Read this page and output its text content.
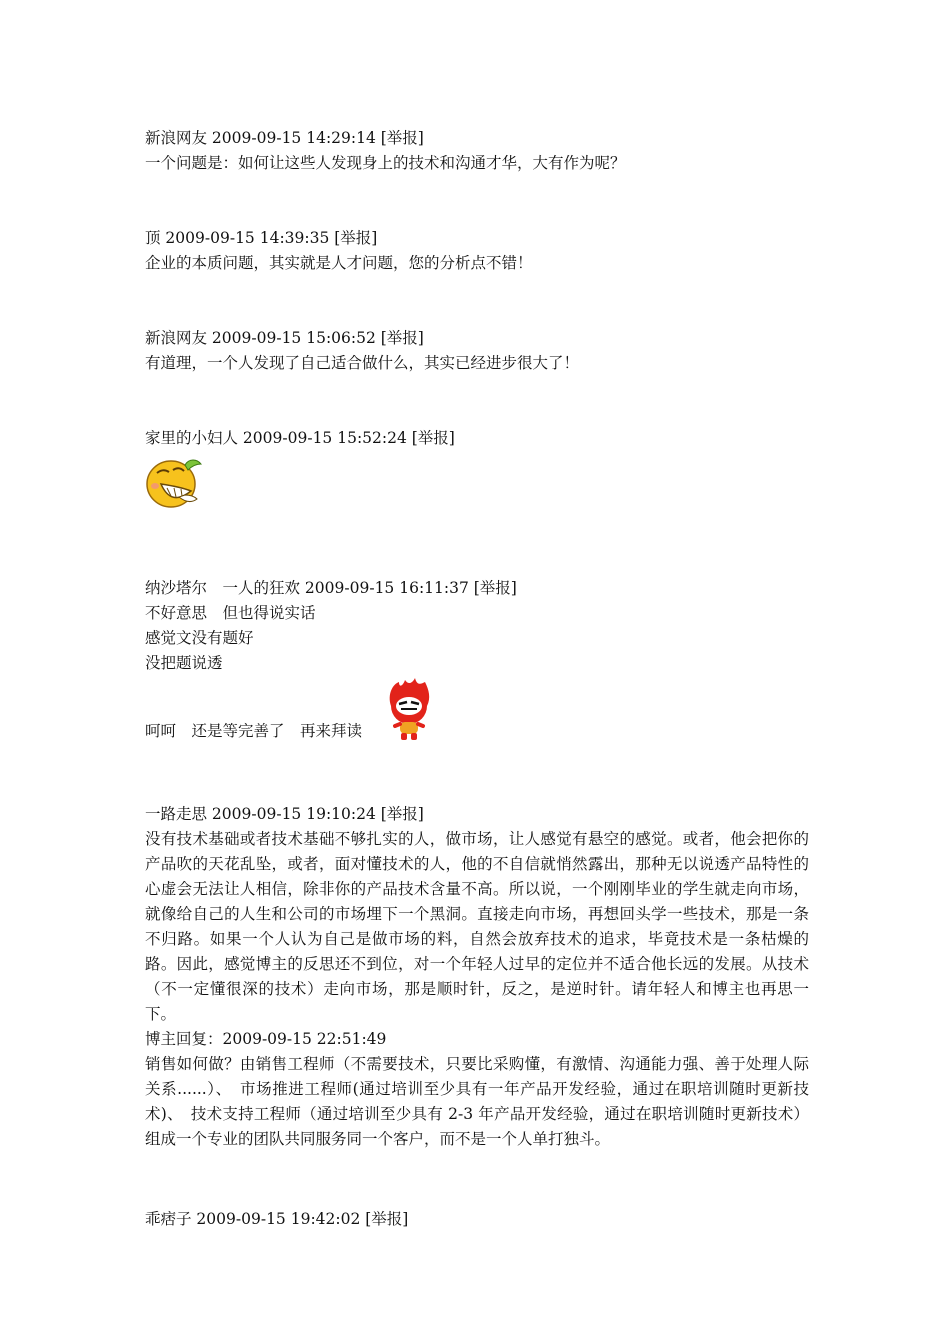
新浪网友 2009-09-15 14:29:14 [举报]
一个问题是：如何让这些人发现身上的技术和沟通才华，大有作为呢？
顶 2009-09-15 14:39:35 [举报]
企业的本质问题，其实就是人才问题，您的分析点不错！
新浪网友 2009-09-15 15:06:52 [举报]
有道理，一个人发现了自己适合做什么，其实已经进步很大了！
家里的小妇人 2009-09-15 15:52:24 [举报]
纳沙塔尔　一人的狂欢 2009-09-15 16:11:37 [举报]
不好意思　但也得说实话
感觉文没有题好
没把题说透
呵呵　还是等完善了　再来拜读
一路走思 2009-09-15 19:10:24 [举报]
没有技术基础或者技术基础不够扎实的人，做市场，让人感觉有悬空的感觉。或者，他会把你的产品吹的天花乱坠，或者，面对懂技术的人，他的不自信就悄然露出，那种无以说透产品特性的心虚会无法让人相信，除非你的产品技术含量不高。所以说，一个刚刚毕业的学生就走向市场，就像给自己的人生和公司的市场埋下一个黑洞。直接走向市场，再想回头学一些技术，那是一条不归路。如果一个人认为自己是做市场的料，自然会放弃技术的追求，毕竟技术是一条枯燥的路。因此，感觉博主的反思还不到位，对一个年轻人过早的定位并不适合他长远的发展。从技术（不一定懂很深的技术）走向市场，那是顺时针，反之，是逆时针。请年轻人和博主也再思一下。
博主回复：2009-09-15 22:51:49
销售如何做？由销售工程师（不需要技术，只要比采购懂，有激情、沟通能力强、善于处理人际关系......）、　市场推进工程师(通过培训至少具有一年产品开发经验，通过在职培训随时更新技术)、　技术支持工程师（通过培训至少具有 2-3 年产品开发经验，通过在职培训随时更新技术）组成一个专业的团队共同服务同一个客户，而不是一个人单打独斗。
乖痞子 2009-09-15 19:42:02 [举报]
